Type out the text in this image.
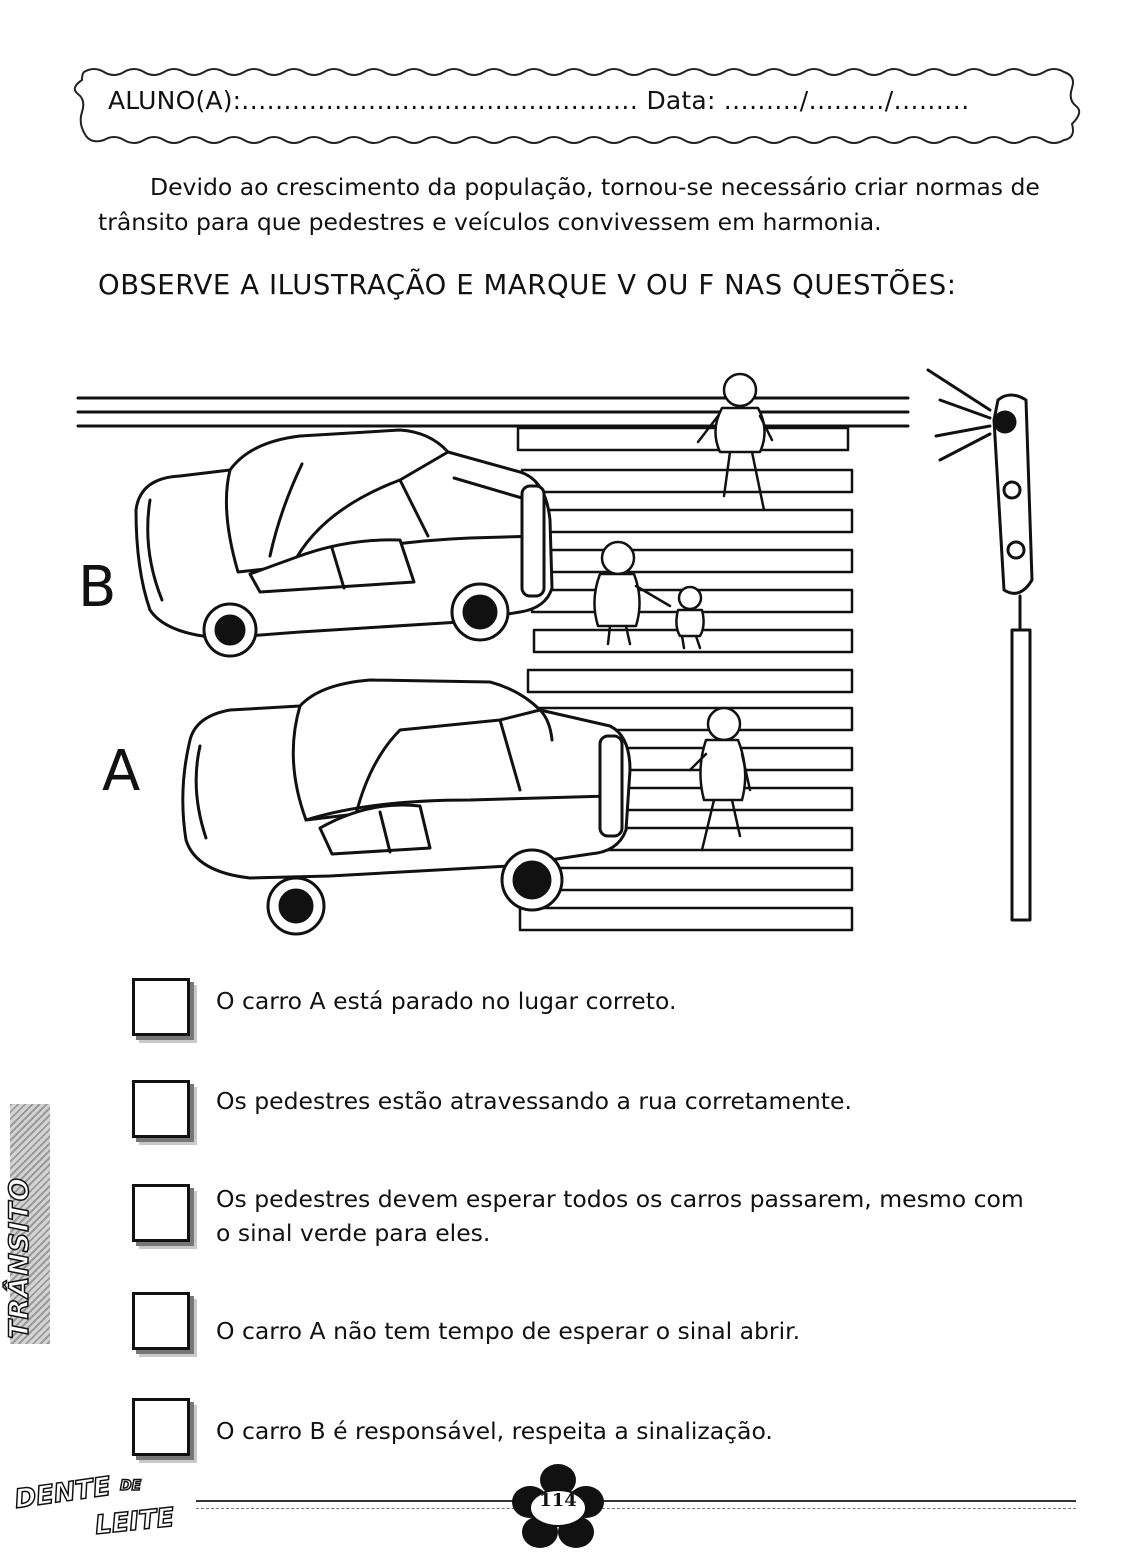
ALUNO(A):............................................... Data: ........./........./.........
Devido ao crescimento da população, tornou-se necessário criar normas de trânsito para que pedestres e veículos convivessem em harmonia.
OBSERVE A ILUSTRAÇÃO E MARQUE V OU F NAS QUESTÕES:
B
A
O carro A está parado no lugar correto.
Os pedestres estão atravessando a rua corretamente.
Os pedestres devem esperar todos os carros passarem, mesmo com o sinal verde para eles.
O carro A não tem tempo de esperar o sinal abrir.
O carro B é responsável, respeita a sinalização.
TRÂNSITO
DENTE DE
LEITE
114
